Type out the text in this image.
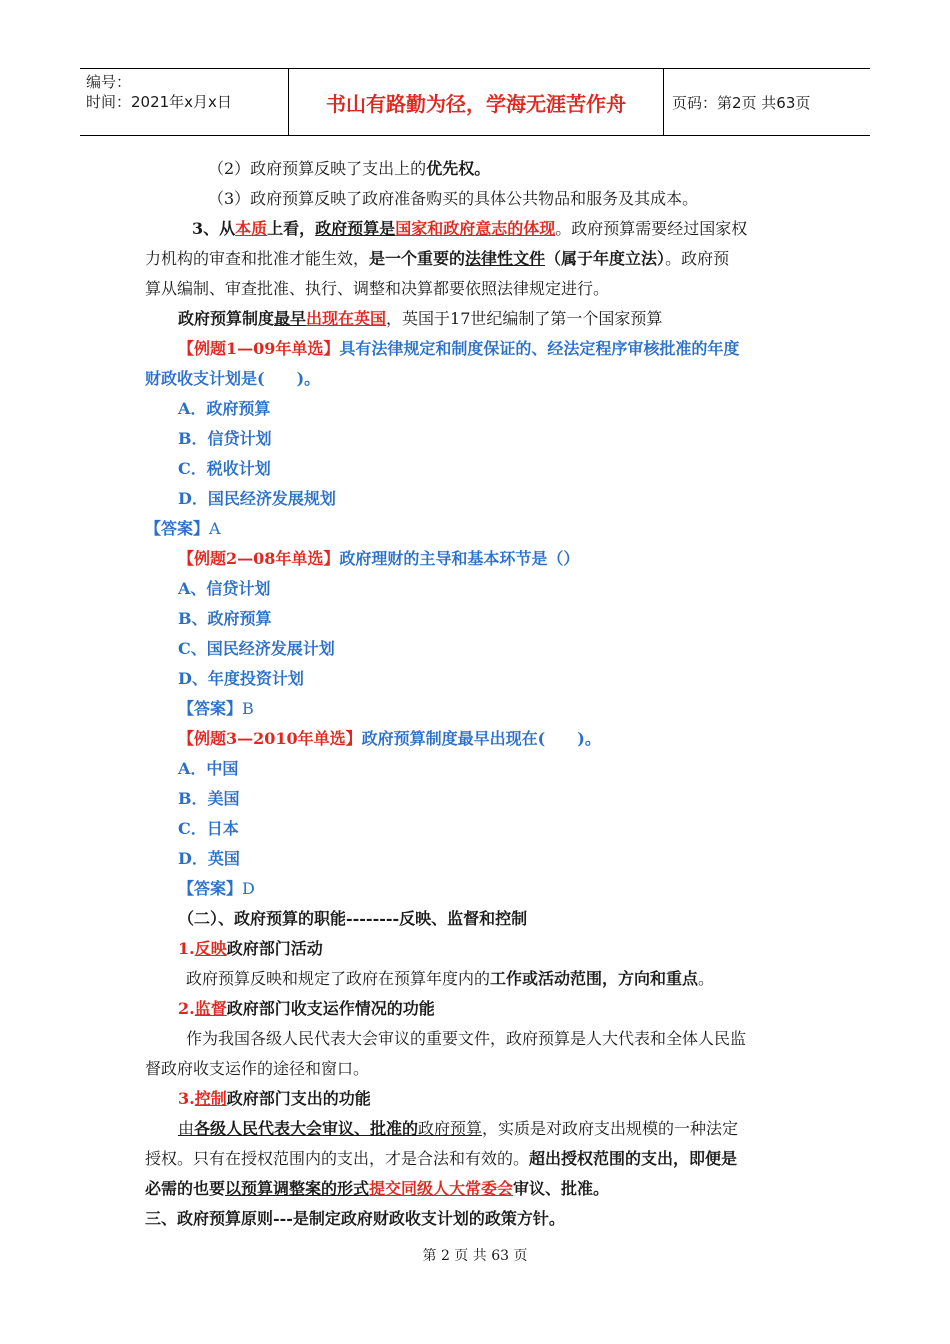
编号：
时间：2021年x月x日	书山有路勤为径，学海无涯苦作舟	页码：第2页 共63页
（2）政府预算反映了支出上的优先权。
（3）政府预算反映了政府准备购买的具体公共物品和服务及其成本。
3、从本质上看，政府预算是国家和政府意志的体现。政府预算需要经过国家权
力机构的审查和批准才能生效，是一个重要的法律性文件（属于年度立法）。政府预
算从编制、审查批准、执行、调整和决算都要依照法律规定进行。
政府预算制度最早出现在英国，英国于17世纪编制了第一个国家预算
【例题1—09年单选】具有法律规定和制度保证的、经法定程序审核批准的年度
财政收支计划是(　　)。
A．政府预算
B．信贷计划
C．税收计划
D．国民经济发展规划
【答案】A
【例题2—08年单选】政府理财的主导和基本环节是（）
A、信贷计划
B、政府预算
C、国民经济发展计划
D、年度投资计划
【答案】B
【例题3—2010年单选】政府预算制度最早出现在(　　)。
A．中国
B．美国
C．日本
D．英国
【答案】D
（二）、政府预算的职能--------反映、监督和控制
1.反映政府部门活动
政府预算反映和规定了政府在预算年度内的工作或活动范围，方向和重点。
2.监督政府部门收支运作情况的功能
作为我国各级人民代表大会审议的重要文件，政府预算是人大代表和全体人民监
督政府收支运作的途径和窗口。
3.控制政府部门支出的功能
由各级人民代表大会审议、批准的政府预算，实质是对政府支出规模的一种法定
授权。只有在授权范围内的支出，才是合法和有效的。超出授权范围的支出，即便是
必需的也要以预算调整案的形式提交同级人大常委会审议、批准。
三、政府预算原则---是制定政府财政收支计划的政策方针。
第 2 页 共 63 页
